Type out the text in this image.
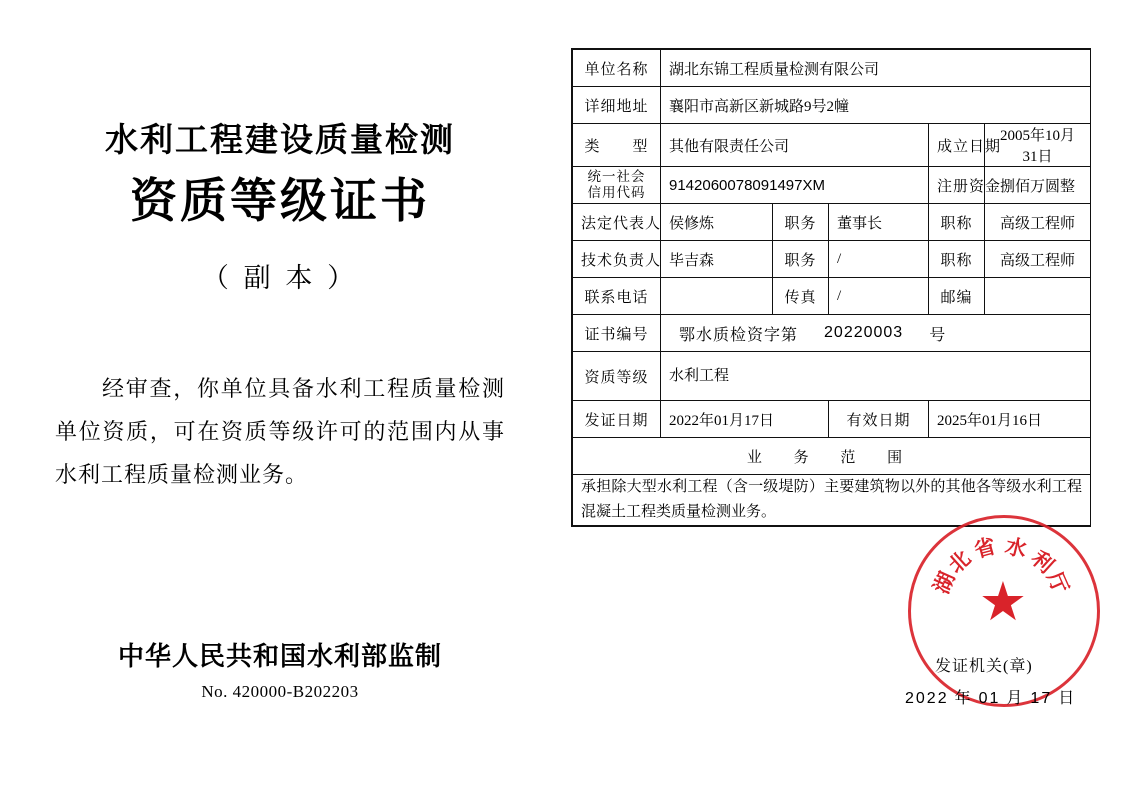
水利工程建设质量检测
资质等级证书
（ 副 本 ）
经审查，你单位具备水利工程质量检测单位资质，可在资质等级许可的范围内从事水利工程质量检测业务。
中华人民共和国水利部监制
No. 420000-B202203
单位名称	湖北东锦工程质量检测有限公司				
详细地址	襄阳市高新区新城路9号2幢				
类　　型	其他有限责任公司			成立日期	2005年10月31日

统一社会
信用代码	9142060078091497XM			注册资金	捌佰万圆整
法定代表人	侯修炼	职务	董事长	职称	高级工程师
技术负责人	毕吉森	职务	/	职称	高级工程师
联系电话		传真	/	邮编	
证书编号	鄂水质检资字第 20220003 号				

资质等级	水利工程				
发证日期	2022年01月17日		有效日期	2025年01月16日	
业 务 范 围					

承担除大型水利工程（含一级堤防）主要建筑物以外的其他各等级水利工程混凝土工程类质量检测业务。
湖
北
省 水
利
厅
★
发证机关(章)
2022 年 01 月 17 日
